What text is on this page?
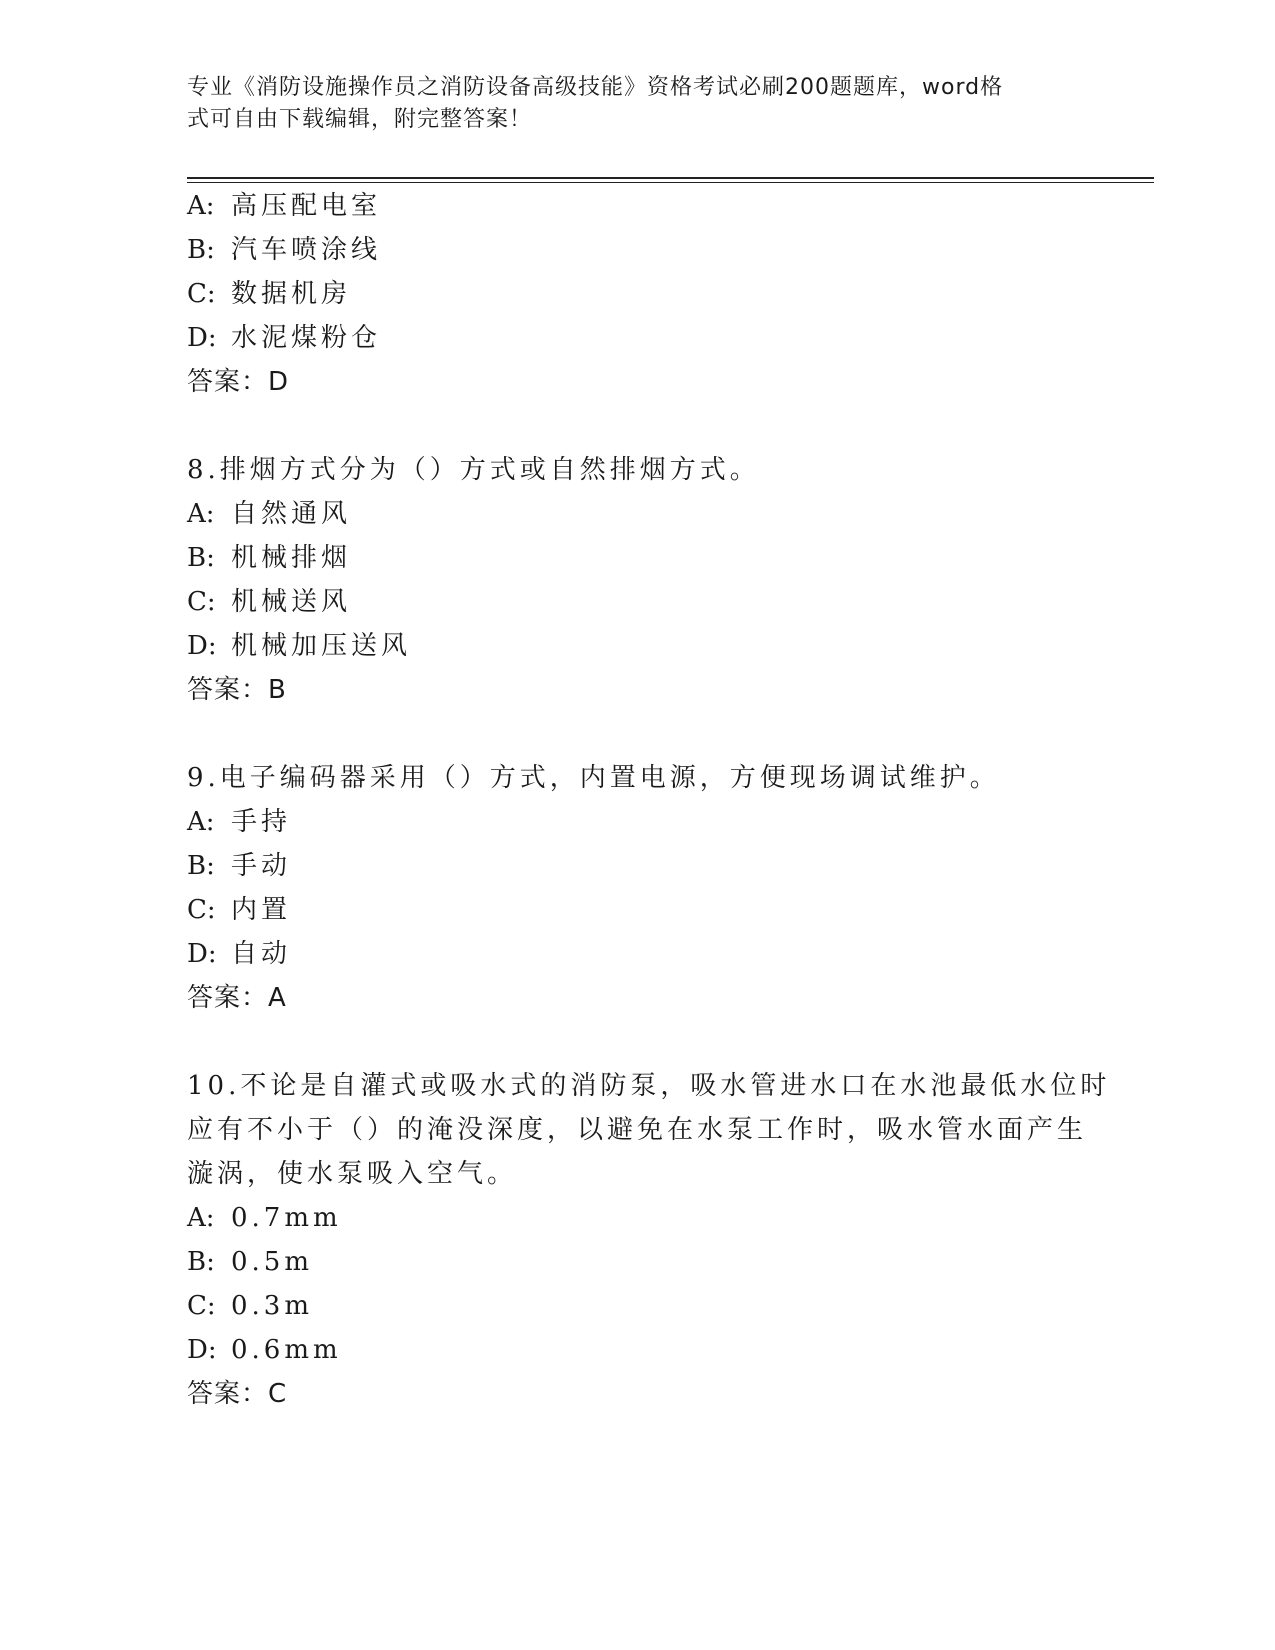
专业《消防设施操作员之消防设备高级技能》资格考试必刷200题题库，word格
式可自由下载编辑，附完整答案！
A: 高压配电室
B: 汽车喷涂线
C: 数据机房
D: 水泥煤粉仓
答案：D
8.排烟方式分为（）方式或自然排烟方式。
A: 自然通风
B: 机械排烟
C: 机械送风
D: 机械加压送风
答案：B
9.电子编码器采用（）方式，内置电源，方便现场调试维护。
A: 手持
B: 手动
C: 内置
D: 自动
答案：A
10.不论是自灌式或吸水式的消防泵，吸水管进水口在水池最低水位时
应有不小于（）的淹没深度，以避免在水泵工作时，吸水管水面产生
漩涡，使水泵吸入空气。
A: 0.7mm
B: 0.5m
C: 0.3m
D: 0.6mm
答案：C
